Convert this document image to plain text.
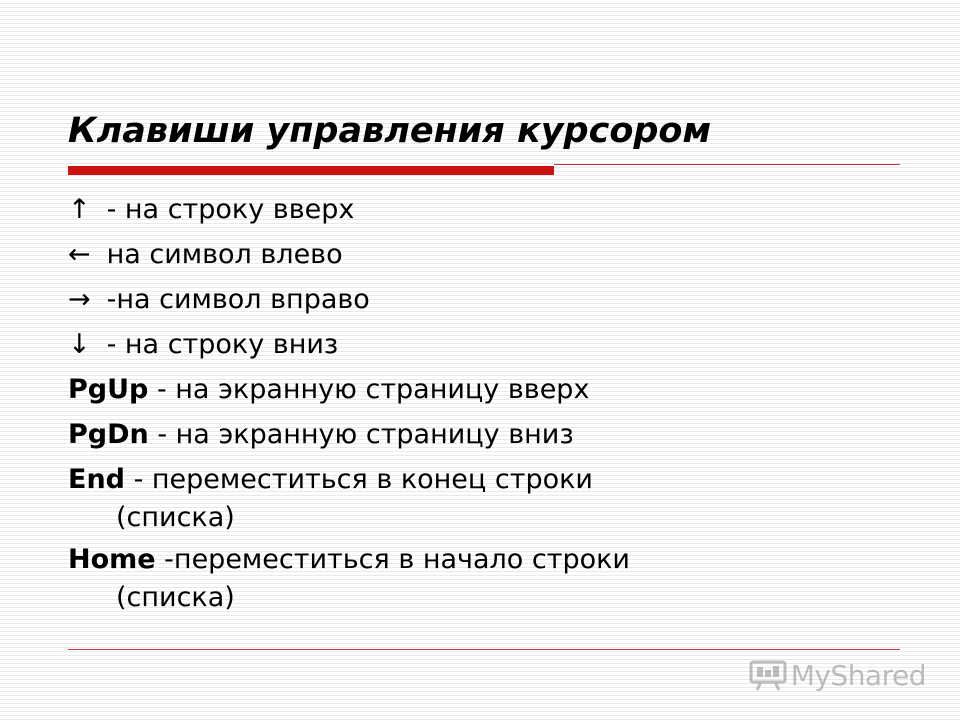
Клавиши управления курсором
↑ - на строку вверх
← на символ влево
→ -на символ вправо
↓ - на строку вниз
PgUp - на экранную страницу вверх
PgDn - на экранную страницу вниз
End - переместиться в конец строки
(списка)
Home -переместиться в начало строки
(списка)
MyShared
